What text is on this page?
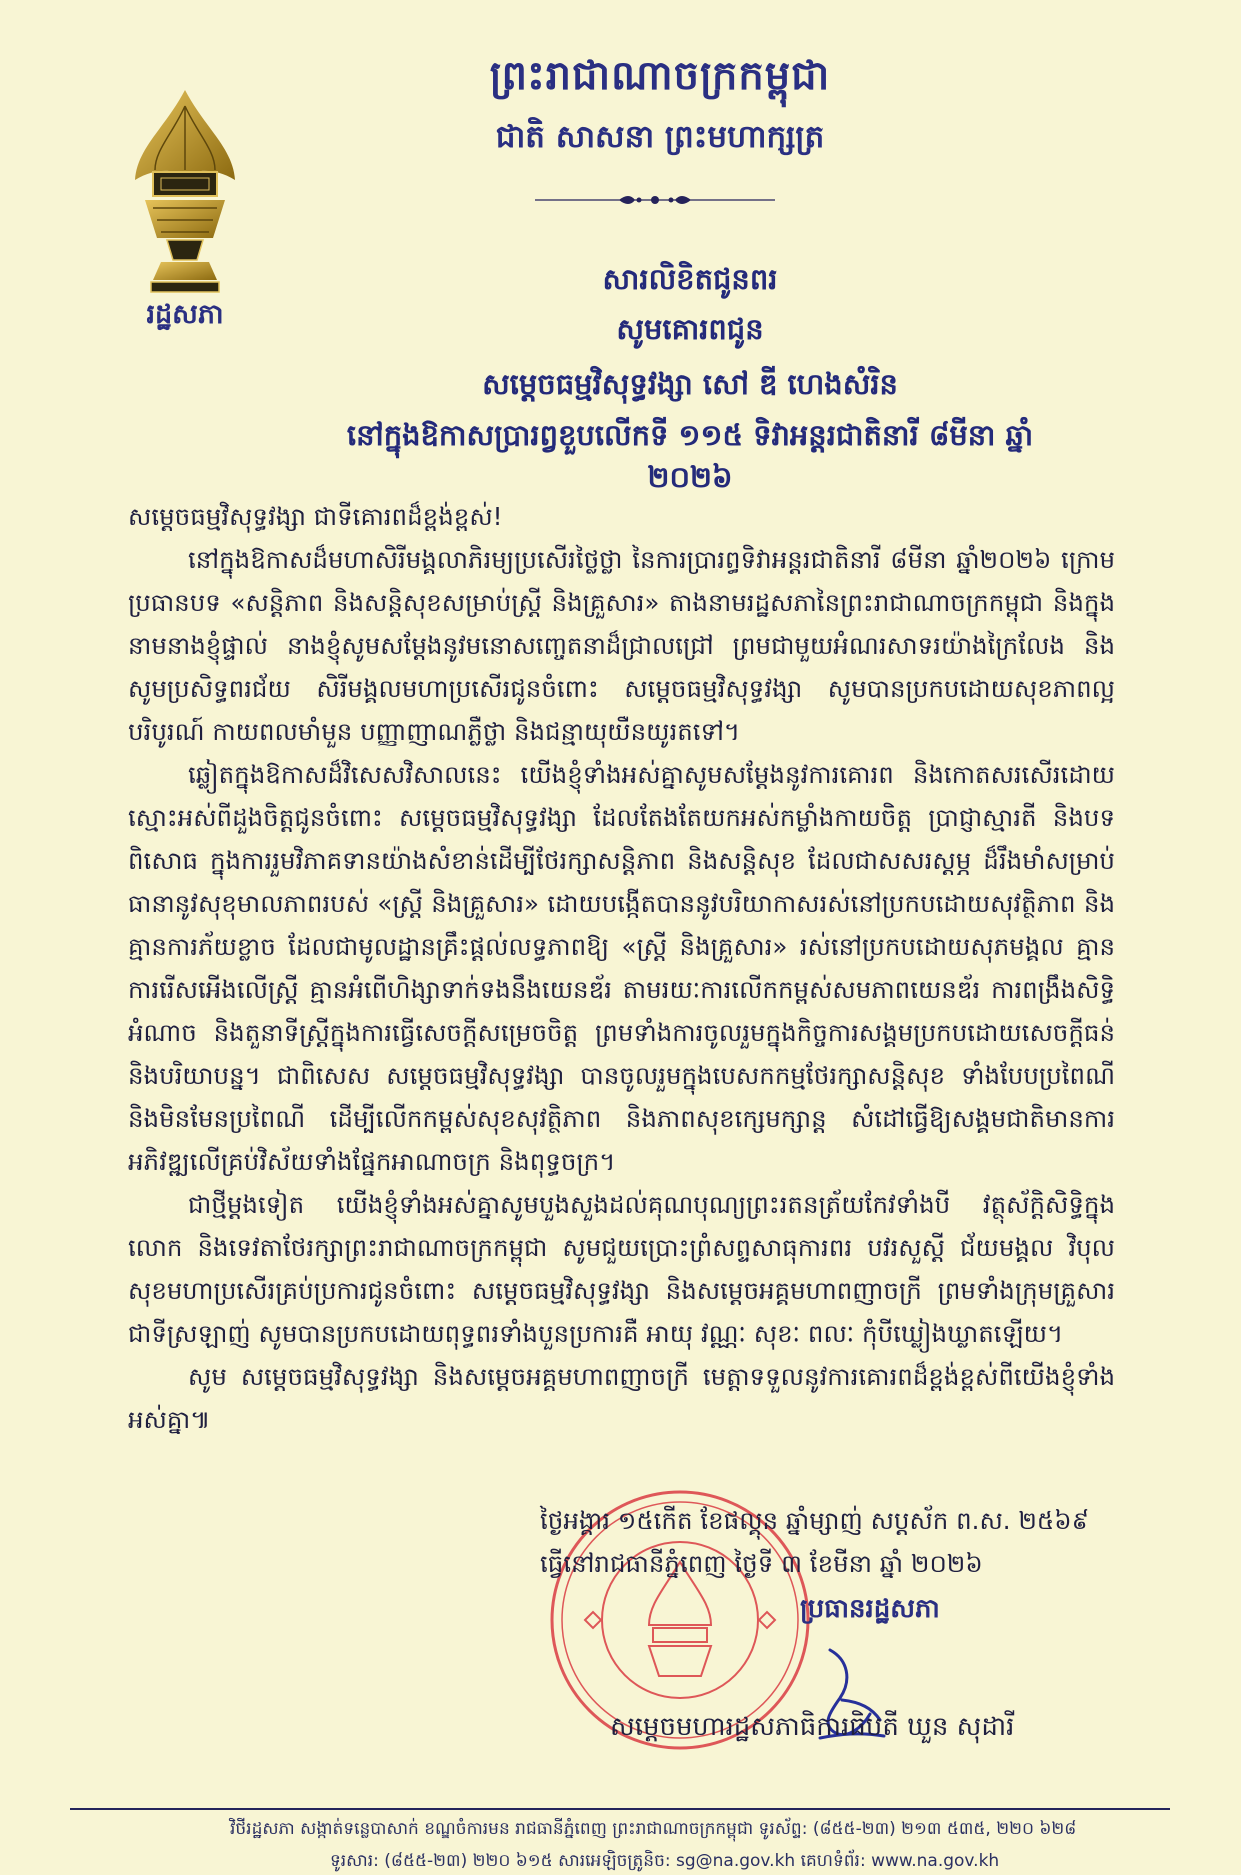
រដ្ឋសភា
ព្រះរាជាណាចក្រកម្ពុជា
ជាតិ សាសនា ព្រះមហាក្សត្រ
សារលិខិតជូនពរ
សូមគោរពជូន
សម្តេចធម្មវិសុទ្ធវង្សា សៅ ឌី ហេងសំរិន
នៅក្នុងឱកាសប្រារព្វខួបលើកទី ១១៥ ទិវាអន្តរជាតិនារី ៨មីនា ឆ្នាំ ២០២៦

សម្តេចធម្មវិសុទ្ធវង្សា ជាទីគោរពដ៏ខ្ពង់ខ្ពស់!

នៅក្នុងឱកាសដ៏មហាសិរីមង្គលាភិរម្យប្រសើរថ្លៃថ្លា នៃការប្រារព្ធទិវាអន្តរជាតិនារី ៨មីនា ឆ្នាំ២០២៦ ក្រោមប្រធានបទ «សន្តិភាព និងសន្តិសុខសម្រាប់ស្ត្រី និងគ្រួសារ» តាងនាមរដ្ឋសភានៃព្រះរាជាណាចក្រកម្ពុជា និងក្នុងនាមនាងខ្ញុំផ្ទាល់ នាងខ្ញុំសូមសម្តែងនូវមនោសញ្ចេតនាដ៏ជ្រាលជ្រៅ ព្រមជាមួយអំណរសាទរយ៉ាងក្រៃលែង និងសូមប្រសិទ្ធពរជ័យ សិរីមង្គលមហាប្រសើរជូនចំពោះ សម្តេចធម្មវិសុទ្ធវង្សា សូមបានប្រកបដោយសុខភាពល្អបរិបូរណ៍ កាយពលមាំមួន បញ្ញាញាណភ្លឺថ្លា និងជន្មាយុយឺនយូរតទៅ។

ឆ្លៀតក្នុងឱកាសដ៏វិសេសវិសាលនេះ យើងខ្ញុំទាំងអស់គ្នាសូមសម្តែងនូវការគោរព និងកោតសរសើរដោយស្មោះអស់ពីដួងចិត្តជូនចំពោះ សម្តេចធម្មវិសុទ្ធវង្សា ដែលតែងតែយកអស់កម្លាំងកាយចិត្ត ប្រាជ្ញាស្មារតី និងបទពិសោធ ក្នុងការរួមវិភាគទានយ៉ាងសំខាន់ដើម្បីថែរក្សាសន្តិភាព និងសន្តិសុខ ដែលជាសសរស្តម្ភ ដ៏រឹងមាំសម្រាប់ធានានូវសុខុមាលភាពរបស់ «ស្ត្រី និងគ្រួសារ» ដោយបង្កើតបាននូវបរិយាកាសរស់នៅប្រកបដោយសុវត្ថិភាព និងគ្មានការភ័យខ្លាច ដែលជាមូលដ្ឋានគ្រឹះផ្តល់លទ្ធភាពឱ្យ «ស្ត្រី និងគ្រួសារ» រស់នៅប្រកបដោយសុភមង្គល គ្មានការរើសអើងលើស្ត្រី គ្មានអំពើហិង្សាទាក់ទងនឹងយេនឌ័រ តាមរយៈការលើកកម្ពស់សមភាពយេនឌ័រ ការពង្រឹងសិទ្ធិអំណាច និងតួនាទីស្ត្រីក្នុងការធ្វើសេចក្តីសម្រេចចិត្ត ព្រមទាំងការចូលរួមក្នុងកិច្ចការសង្គមប្រកបដោយសេចក្តីធន់ និងបរិយាបន្ន។ ជាពិសេស សម្តេចធម្មវិសុទ្ធវង្សា បានចូលរួមក្នុងបេសកកម្មថែរក្សាសន្តិសុខ ទាំងបែបប្រពៃណី និងមិនមែនប្រពៃណី ដើម្បីលើកកម្ពស់សុខសុវត្ថិភាព និងភាពសុខក្សេមក្សាន្ត សំដៅធ្វើឱ្យសង្គមជាតិមានការអភិវឌ្ឍលើគ្រប់វិស័យទាំងផ្នែកអាណាចក្រ និងពុទ្ធចក្រ។

ជាថ្មីម្តងទៀត យើងខ្ញុំទាំងអស់គ្នាសូមបួងសួងដល់គុណបុណ្យព្រះរតនត្រ័យកែវទាំងបី វត្ថុស័ក្តិសិទ្ធិក្នុងលោក និងទេវតាថែរក្សាព្រះរាជាណាចក្រកម្ពុជា សូមជួយប្រោះព្រំសព្ទសាធុការពរ បវរសួស្តី ជ័យមង្គល វិបុលសុខមហាប្រសើរគ្រប់ប្រការជូនចំពោះ សម្តេចធម្មវិសុទ្ធវង្សា និងសម្តេចអគ្គមហាពញាចក្រី ព្រមទាំងក្រុមគ្រួសារជាទីស្រឡាញ់ សូមបានប្រកបដោយពុទ្ធពរទាំងបួនប្រការគឺ អាយុ វណ្ណៈ សុខៈ ពលៈ កុំបីឃ្លៀងឃ្លាតឡើយ។

សូម សម្តេចធម្មវិសុទ្ធវង្សា និងសម្តេចអគ្គមហាពញាចក្រី មេត្តាទទួលនូវការគោរពដ៏ខ្ពង់ខ្ពស់ពីយើងខ្ញុំទាំងអស់គ្នា៕

ថ្ងៃអង្គារ ១៥កើត ខែផល្គុន ឆ្នាំម្សាញ់ សប្តស័ក ព.ស. ២៥៦៩
ធ្វើនៅរាជធានីភ្នំពេញ ថ្ងៃទី ៣ ខែមីនា ឆ្នាំ ២០២៦
ប្រធានរដ្ឋសភា
សម្តេចមហារដ្ឋសភាធិការធិបតី ឃួន សុដារី
វិថីរដ្ឋសភា សង្កាត់ទន្លេបាសាក់ ខណ្ឌចំការមន រាជធានីភ្នំពេញ ព្រះរាជាណាចក្រកម្ពុជា ទូរស័ព្ទ: (៨៥៥-២៣) ២១៣ ៥៣៥, ២២០ ៦២៨
ទូរសារ: (៨៥៥-២៣) ២២០ ៦១៥ សារអេឡិចត្រូនិច: sg@na.gov.kh គេហទំព័រ: www.na.gov.kh
